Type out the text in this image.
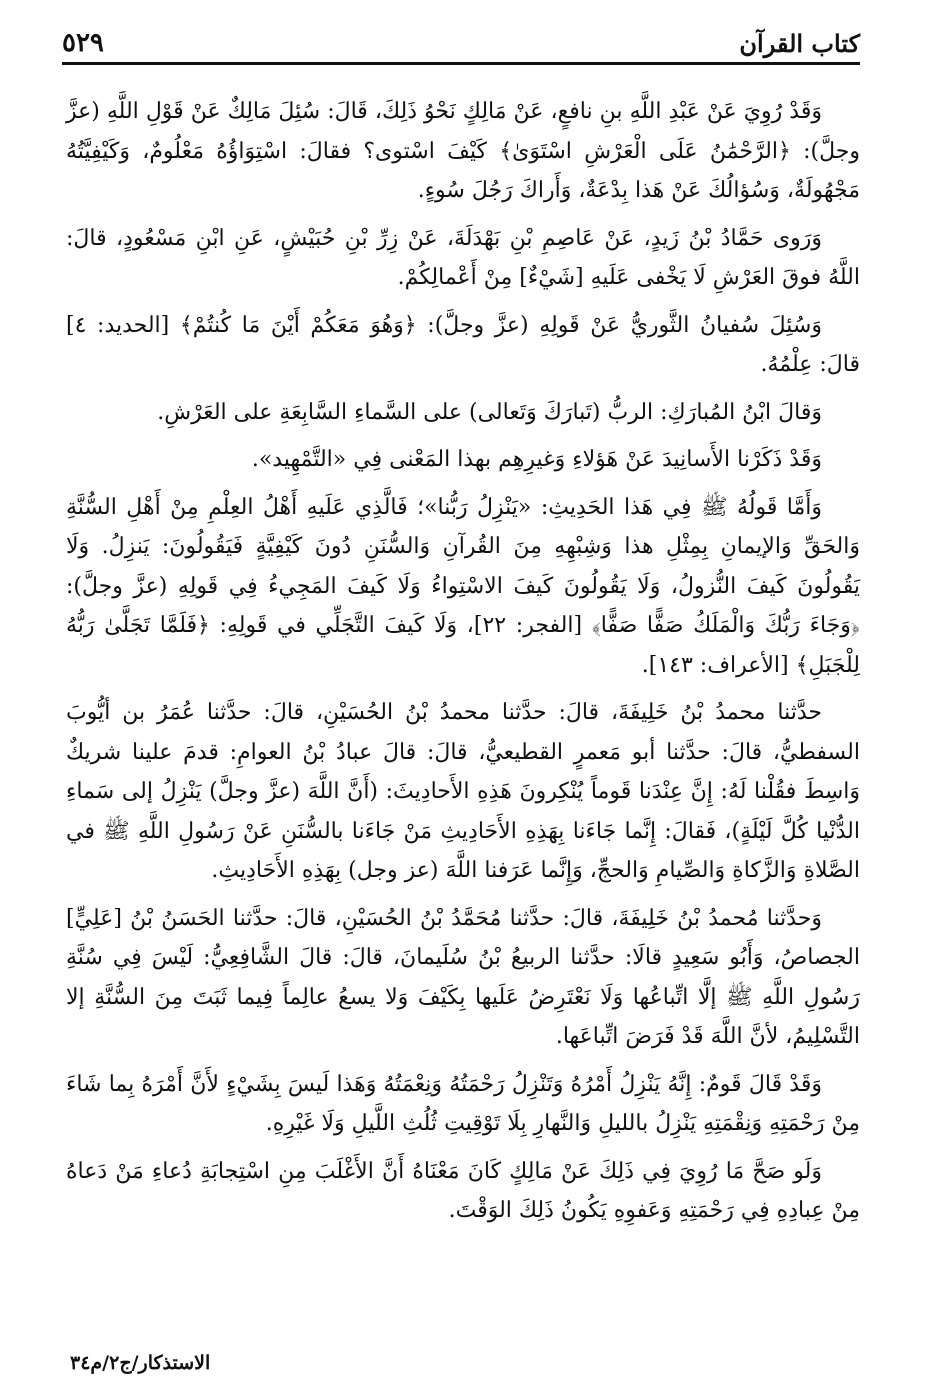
كتاب القرآن
٥٢٩

وَقَدْ رُوِيَ عَنْ عَبْدِ اللَّهِ بنِ نافعٍ، عَنْ مَالِكٍ نَحْوُ ذَلِكَ، قَالَ: سُئِلَ مَالِكٌ عَنْ قَوْلِ اللَّهِ (عزَّ وجلَّ): ﴿الرَّحْمَٰنُ عَلَى الْعَرْشِ اسْتَوَىٰ﴾ كَيْفَ اسْتوى؟ فقالَ: اسْتِوَاؤُهُ مَعْلُومٌ، وَكَيْفِيَّتُهُ مَجْهُولَةٌ، وَسُؤالُكَ عَنْ هَذا بِدْعَةٌ، وَأَراكَ رَجُلَ سُوءٍ.

وَرَوى حَمَّادُ بْنُ زَيدٍ، عَنْ عَاصِمِ بْنِ بَهْدَلَةَ، عَنْ زِرِّ بْنِ حُبَيْشٍ، عَنِ ابْنِ مَسْعُودٍ، قالَ: اللَّهُ فوقَ العَرْشِ لَا يَخْفى عَلَيهِ [شَيْءٌ] مِنْ أَعْمالِكُمْ.

وَسُئِلَ سُفيانُ الثَّوريُّ عَنْ قَولِهِ (عزَّ وجلَّ): ﴿وَهُوَ مَعَكُمْ أَيْنَ مَا كُنتُمْ﴾ [الحديد: ٤] قالَ: عِلْمُهُ.

وَقالَ ابْنُ المُبارَكِ: الربُّ (تَبارَكَ وَتَعالى) على السَّماءِ السَّابِعَةِ على العَرْشِ.

وَقَدْ ذَكَرْنا الأَسانِيدَ عَنْ هَؤلاءِ وَغيرِهِم بهذا المَعْنى فِي «التَّمْهِيد».

وَأَمَّا قَولُهُ ﷺ فِي هَذا الحَدِيثِ: «يَنْزِلُ رَبُّنا»؛ فَالَّذِي عَلَيهِ أَهْلُ العِلْمِ مِنْ أَهْلِ السُّنَّةِ وَالحَقِّ وَالإيمانِ بِمِثْلِ هذا وَشِبْهِهِ مِنَ القُرآنِ وَالسُّنَنِ دُونَ كَيْفِيَّةٍ فَيَقُولُونَ: يَنزِلُ. وَلَا يَقُولُونَ كَيفَ النُّزولُ، وَلَا يَقُولُونَ كَيفَ الاسْتِواءُ وَلَا كَيفَ المَجِيءُ فِي قَولِهِ (عزَّ وجلَّ): ﴿وَجَاءَ رَبُّكَ وَالْمَلَكُ صَفًّا صَفًّا﴾ [الفجر: ٢٢]، وَلَا كَيفَ التَّجَلِّي في قَولِهِ: ﴿فَلَمَّا تَجَلَّىٰ رَبُّهُ لِلْجَبَلِ﴾ [الأعراف: ١٤٣].

حدَّثنا محمدُ بْنُ خَلِيفَةَ، قالَ: حدَّثنا محمدُ بْنُ الحُسَيْنِ، قالَ: حدَّثنا عُمَرُ بن أيُّوبَ السفطيُّ، قالَ: حدَّثنا أبو مَعمرٍ القطيعيُّ، قالَ: قالَ عبادُ بْنُ العوامِ: قدمَ علينا شريكٌ وَاسِطَ فقُلْنا لَهُ: إِنَّ عِنْدَنا قَوماً يُنْكِرونَ هَذِهِ الأَحادِيثَ: (أَنَّ اللَّهَ (عزَّ وجلَّ) يَنْزِلُ إلى سَماءِ الدُّنْيا كُلَّ لَيْلَةٍ)، فَقالَ: إِنَّما جَاءَنا بِهَذِهِ الأَحَادِيثِ مَنْ جَاءَنا بالسُّنَنِ عَنْ رَسُولِ اللَّهِ ﷺ في الصَّلاةِ وَالزَّكاةِ وَالصِّيامِ وَالحجِّ، وَإِنَّما عَرَفنا اللَّهَ (عز وجل) بِهَذِهِ الأَحَادِيثِ.

وَحدَّثنا مُحمدُ بْنُ خَلِيفَةَ، قالَ: حدَّثنا مُحَمَّدُ بْنُ الحُسَيْنِ، قالَ: حدَّثنا الحَسَنُ بْنُ [عَلِيٍّ] الجصاصُ، وَأَبُو سَعِيدٍ قالَا: حدَّثنا الربيعُ بْنُ سُلَيمانَ، قالَ: قالَ الشَّافِعِيُّ: لَيْسَ فِي سُنَّةِ رَسُولِ اللَّهِ ﷺ إلَّا اتِّباعُها وَلَا نَعْتَرِضُ عَلَيها بِكَيْفَ وَلا يسعُ عالِماً فِيما ثَبَتَ مِنَ السُّنَّةِ إلا التَّسْلِيمُ، لأنَّ اللَّهَ قَدْ فَرَضَ اتِّباعَها.

وَقَدْ قَالَ قَومٌ: إِنَّهُ يَنْزِلُ أَمْرُهُ وَتَنْزِلُ رَحْمَتُهُ وَنِعْمَتُهُ وَهَذا لَيسَ بِشَيْءٍ لأَنَّ أَمْرَهُ بِما شَاءَ مِنْ رَحْمَتِهِ وَنِقْمَتِهِ يَنْزِلُ بالليلِ وَالنَّهارِ بِلَا تَوْقِيتِ ثُلُثِ اللَّيلِ وَلَا غَيْرِهِ.

وَلَو صَحَّ مَا رُوِيَ فِي ذَلِكَ عَنْ مَالِكٍ كَانَ مَعْنَاهُ أَنَّ الأَغْلَبَ مِنِ اسْتِجابَةِ دُعاءِ مَنْ دَعاهُ مِنْ عِبادِهِ فِي رَحْمَتِهِ وَعَفوِهِ يَكُونُ ذَلِكَ الوَقْتَ.

الاستذكار/ج٢/م٣٤
